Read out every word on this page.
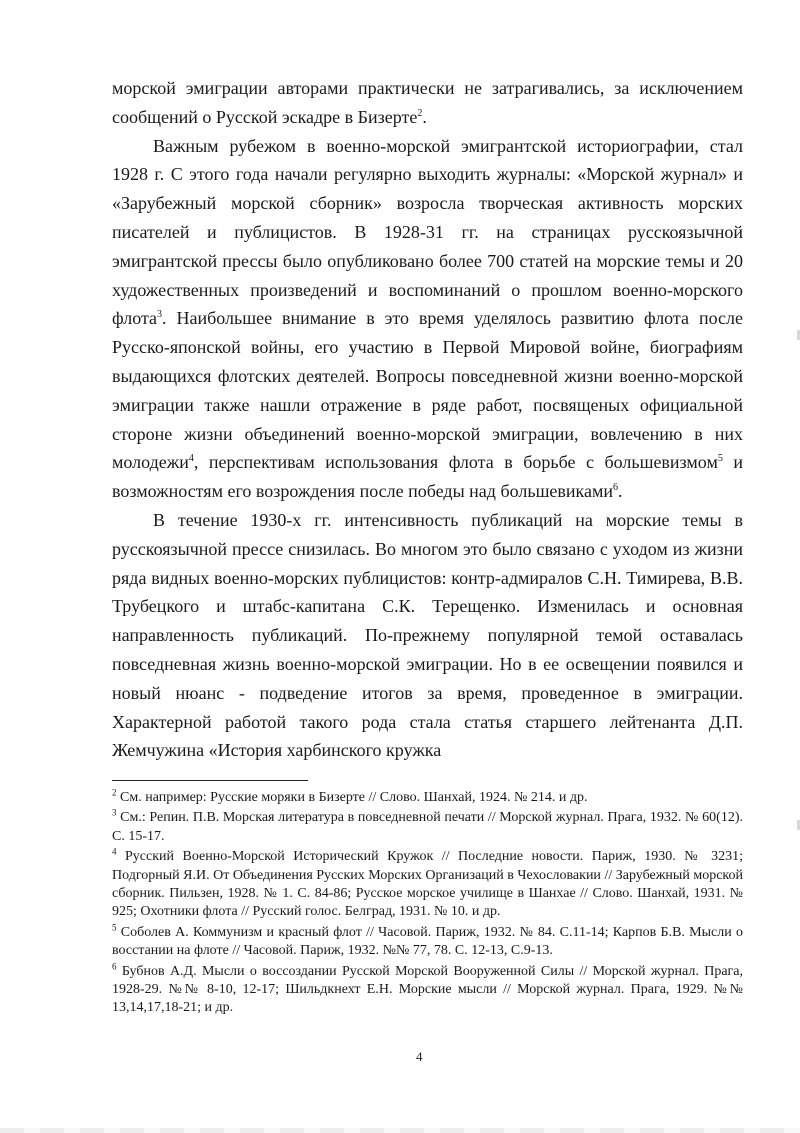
морской эмиграции авторами практически не затрагивались, за исключением сообщений о Русской эскадре в Бизерте$^2$.

Важным рубежом в военно-морской эмигрантской историографии, стал 1928 г. С этого года начали регулярно выходить журналы: «Морской журнал» и «Зарубежный морской сборник» возросла творческая активность морских писателей и публицистов. В 1928-31 гг. на страницах русскоязычной эмигрантской прессы было опубликовано более 700 статей на морские темы и 20 художественных произведений и воспоминаний о прошлом военно-морского флота$^3$. Наибольшее внимание в это время уделялось развитию флота после Русско-японской войны, его участию в Первой Мировой войне, биографиям выдающихся флотских деятелей. Вопросы повседневной жизни военно-морской эмиграции также нашли отражение в ряде работ, посвященых официальной стороне жизни объединений военно-морской эмиграции, вовлечению в них молодежи$^4$, перспективам использования флота в борьбе с большевизмом$^5$ и возможностям его возрождения после победы над большевиками$^6$.

В течение 1930-х гг. интенсивность публикаций на морские темы в русскоязычной прессе снизилась. Во многом это было связано с уходом из жизни ряда видных военно-морских публицистов: контр-адмиралов С.Н. Тимирева, В.В. Трубецкого и штабс-капитана С.К. Терещенко. Изменилась и основная направленность публикаций. По-прежнему популярной темой оставалась повседневная жизнь военно-морской эмиграции. Но в ее освещении появился и новый нюанс - подведение итогов за время, проведенное в эмиграции. Характерной работой такого рода стала статья старшего лейтенанта Д.П. Жемчужина «История харбинского кружка

$^2$ См. например: Русские моряки в Бизерте // Слово. Шанхай, 1924. № 214. и др.

$^3$ См.: Репин. П.В. Морская литература в повседневной печати // Морской журнал. Прага, 1932. № 60(12). С. 15-17.

$^4$ Русский Военно-Морской Исторический Кружок // Последние новости. Париж, 1930. № 3231; Подгорный Я.И. От Объединения Русских Морских Организаций в Чехословакии // Зарубежный морской сборник. Пильзен, 1928. № 1. С. 84-86; Русское морское училище в Шанхае // Слово. Шанхай, 1931. № 925; Охотники флота // Русский голос. Белград, 1931. № 10. и др.

$^5$ Соболев А. Коммунизм и красный флот // Часовой. Париж, 1932. № 84. С.11-14; Карпов Б.В. Мысли о восстании на флоте // Часовой. Париж, 1932. №№ 77, 78. С. 12-13, С.9-13.

$^6$ Бубнов А.Д. Мысли о воссоздании Русской Морской Вооруженной Силы // Морской журнал. Прага, 1928-29. №№ 8-10, 12-17; Шильдкнехт Е.Н. Морские мысли // Морской журнал. Прага, 1929. №№ 13,14,17,18-21; и др.

4
